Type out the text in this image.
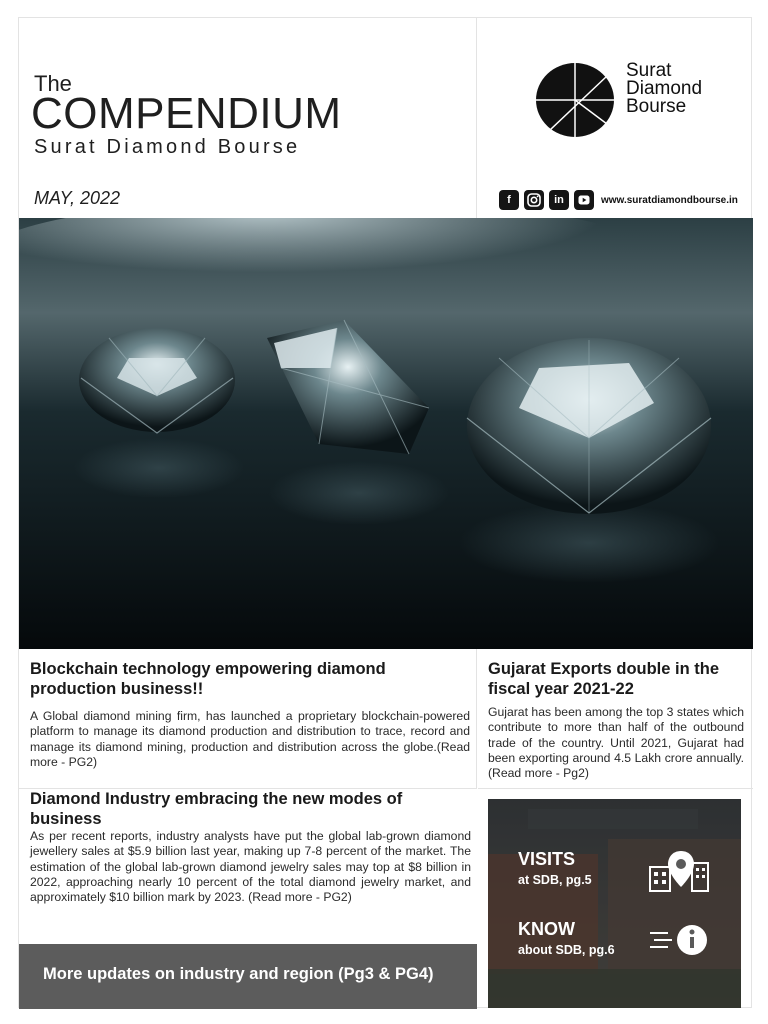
The
COMPENDIUM
Surat Diamond Bourse
MAY, 2022
Surat
Diamond
Bourse
f	in	www.suratdiamondbourse.in
Blockchain technology empowering diamond production business!!
A Global diamond mining firm, has launched a proprietary blockchain-powered platform to manage its diamond production and distribution to trace, record and manage its diamond mining, production and distribution across the globe.(Read more - PG2)
Gujarat Exports double in the fiscal year 2021-22
Gujarat has been among the top 3 states which contribute to more than half of the outbound trade of the country. Until 2021, Gujarat had been exporting around 4.5 Lakh crore annually. (Read more - Pg2)
Diamond Industry embracing the new modes of business
As per recent reports, industry analysts have put the global lab-grown diamond jewellery sales at $5.9 billion last year, making up 7-8 percent of the market. The estimation of the global lab-grown diamond jewelry sales may top at $8 billion in 2022, approaching nearly 10 percent of the total diamond jewelry market, and approximately $10 billion mark by 2023. (Read more - PG2)
More updates on industry and region (Pg3 & PG4)
VISITS
at SDB, pg.5
KNOW
about SDB, pg.6
